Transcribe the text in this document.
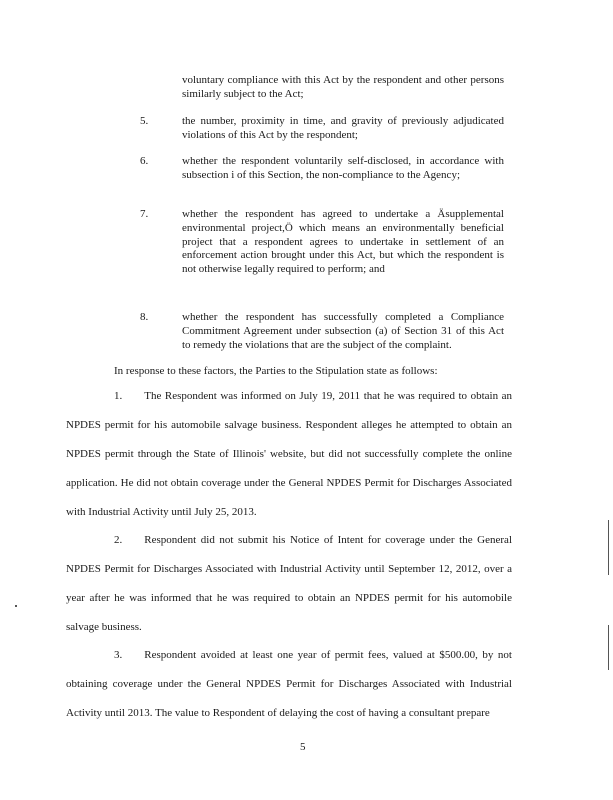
voluntary compliance with this Act by the respondent and other persons similarly subject to the Act;
5.	the number, proximity in time, and gravity of previously adjudicated violations of this Act by the respondent;
6.	whether the respondent voluntarily self-disclosed, in accordance with subsection i of this Section, the non-compliance to the Agency;
7.	whether the respondent has agreed to undertake a Äsupplemental environmental project,Ö which means an environmentally beneficial project that a respondent agrees to undertake in settlement of an enforcement action brought under this Act, but which the respondent is not otherwise legally required to perform; and
8.	whether the respondent has successfully completed a Compliance Commitment Agreement under subsection (a) of Section 31 of this Act to remedy the violations that are the subject of the complaint.
In response to these factors, the Parties to the Stipulation state as follows:
1. The Respondent was informed on July 19, 2011 that he was required to obtain an NPDES permit for his automobile salvage business. Respondent alleges he attempted to obtain an NPDES permit through the State of Illinois' website, but did not successfully complete the online application. He did not obtain coverage under the General NPDES Permit for Discharges Associated with Industrial Activity until July 25, 2013.
2. Respondent did not submit his Notice of Intent for coverage under the General NPDES Permit for Discharges Associated with Industrial Activity until September 12, 2012, over a year after he was informed that he was required to obtain an NPDES permit for his automobile salvage business.
3. Respondent avoided at least one year of permit fees, valued at $500.00, by not obtaining coverage under the General NPDES Permit for Discharges Associated with Industrial Activity until 2013. The value to Respondent of delaying the cost of having a consultant prepare
5
